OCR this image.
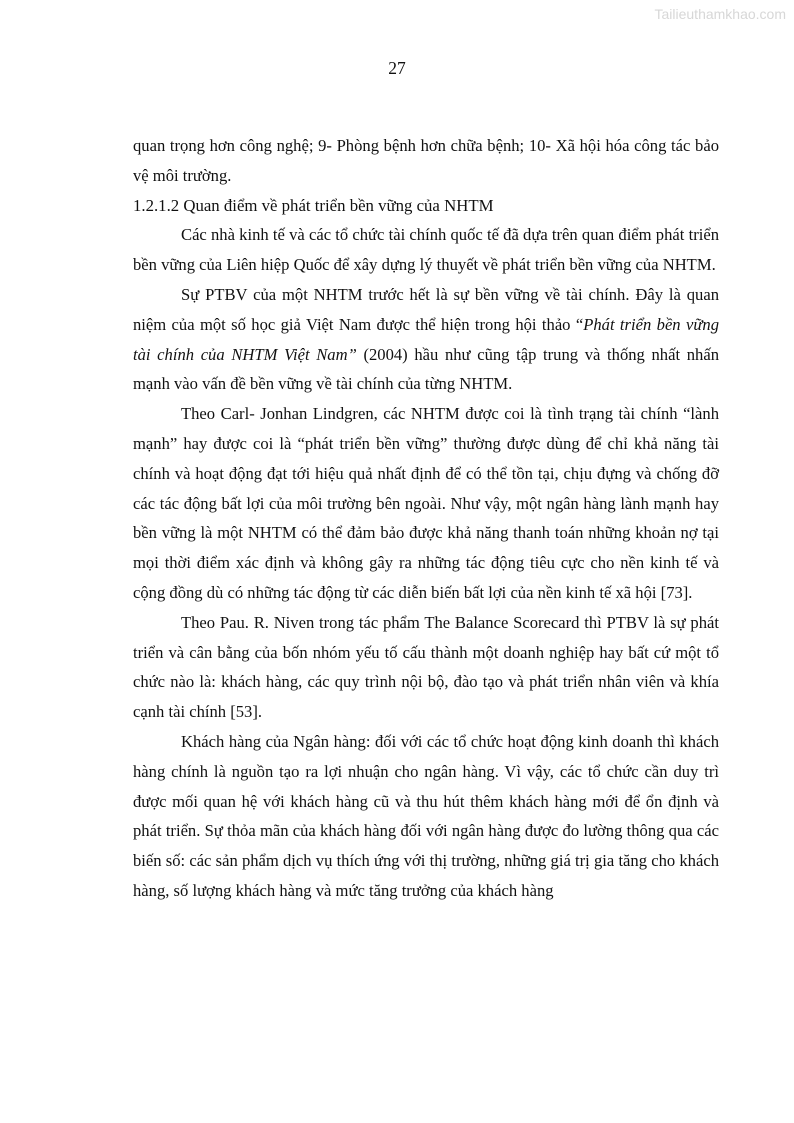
Tailieuthamkhao.com
27

quan trọng hơn công nghệ; 9- Phòng bệnh hơn chữa bệnh; 10- Xã hội hóa công tác bảo vệ môi trường.

1.2.1.2 Quan điểm về phát triển bền vững của NHTM

Các nhà kinh tế và các tổ chức tài chính quốc tế đã dựa trên quan điểm phát triển bền vững của Liên hiệp Quốc để xây dựng lý thuyết về phát triển bền vững của NHTM.

Sự PTBV của một NHTM trước hết là sự bền vững về tài chính. Đây là quan niệm của một số học giả Việt Nam được thể hiện trong hội thảo “Phát triển bền vững tài chính của NHTM Việt Nam” (2004) hầu như cũng tập trung và thống nhất nhấn mạnh vào vấn đề bền vững về tài chính của từng NHTM.

Theo Carl- Jonhan Lindgren, các NHTM được coi là tình trạng tài chính “lành mạnh” hay được coi là “phát triển bền vững” thường được dùng để chỉ khả năng tài chính và hoạt động đạt tới hiệu quả nhất định để có thể tồn tại, chịu đựng và chống đỡ các tác động bất lợi của môi trường bên ngoài. Như vậy, một ngân hàng lành mạnh hay bền vững là một NHTM có thể đảm bảo được khả năng thanh toán những khoản nợ tại mọi thời điểm xác định và không gây ra những tác động tiêu cực cho nền kinh tế và cộng đồng dù có những tác động từ các diễn biến bất lợi của nền kinh tế xã hội [73].

Theo Pau. R. Niven trong tác phẩm The Balance Scorecard thì PTBV là sự phát triển và cân bằng của bốn nhóm yếu tố cấu thành một doanh nghiệp hay bất cứ một tổ chức nào là: khách hàng, các quy trình nội bộ, đào tạo và phát triển nhân viên và khía cạnh tài chính [53].

Khách hàng của Ngân hàng: đối với các tổ chức hoạt động kinh doanh thì khách hàng chính là nguồn tạo ra lợi nhuận cho ngân hàng. Vì vậy, các tổ chức cần duy trì được mối quan hệ với khách hàng cũ và thu hút thêm khách hàng mới để ổn định và phát triển. Sự thỏa mãn của khách hàng đối với ngân hàng được đo lường thông qua các biến số: các sản phẩm dịch vụ thích ứng với thị trường, những giá trị gia tăng cho khách hàng, số lượng khách hàng và mức tăng trưởng của khách hàng
